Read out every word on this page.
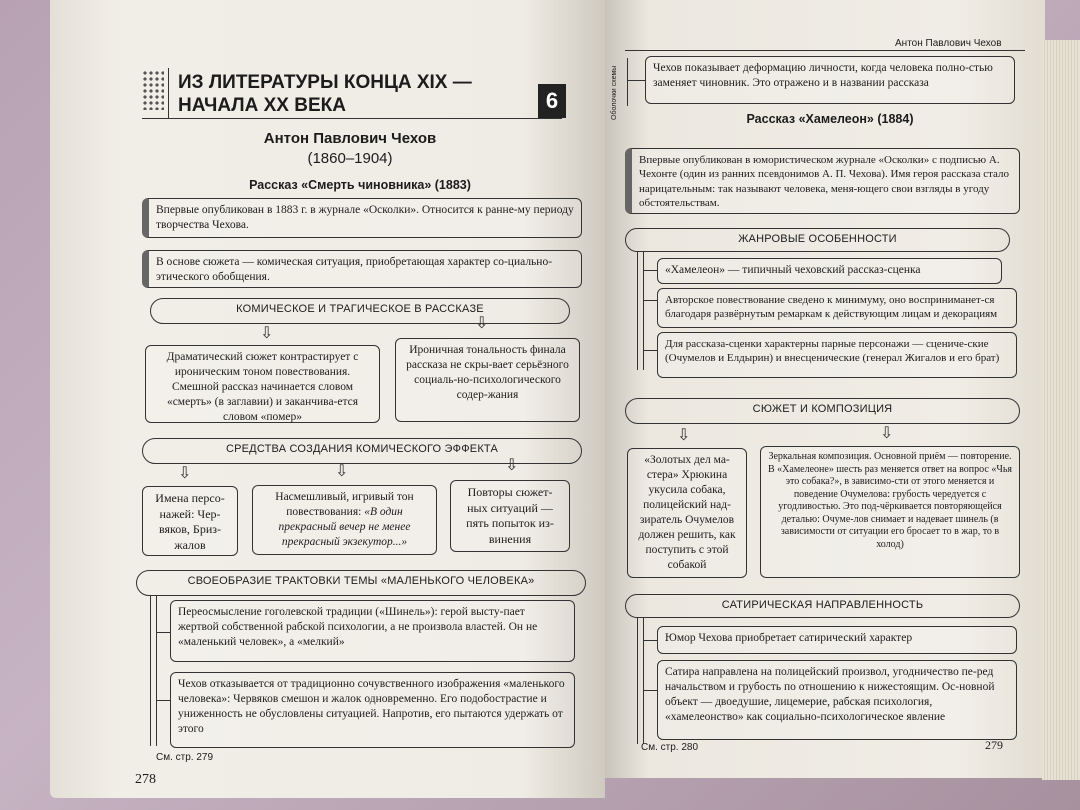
ИЗ ЛИТЕРАТУРЫ КОНЦА XIX —
НАЧАЛА XX ВЕКА	6
Антон Павлович Чехов
(1860–1904)
Рассказ «Смерть чиновника» (1883)
Впервые опубликован в 1883 г. в журнале «Осколки». Относится к ранне-му периоду творчества Чехова.
В основе сюжета — комическая ситуация, приобретающая характер со-циально-этического обобщения.
КОМИЧЕСКОЕ И ТРАГИЧЕСКОЕ В РАССКАЗЕ
⇩
⇩
Драматический сюжет контрастирует с ироническим тоном повествования. Смешной рассказ начинается словом «смерть» (в заглавии) и заканчива-ется словом «помер»
Ироничная тональность финала рассказа не скры-вает серьёзного социаль-но-психологического содер-жания
СРЕДСТВА СОЗДАНИЯ КОМИЧЕСКОГО ЭФФЕКТА
⇩	⇩	⇩
Имена персо-нажей: Чер-вяков, Бриз-жалов
Насмешливый, игривый тон повествования: «В один прекрасный вечер не менее прекрасный экзекутор...»
Повторы сюжет-ных ситуаций — пять попыток из-винения
СВОЕОБРАЗИЕ ТРАКТОВКИ ТЕМЫ «МАЛЕНЬКОГО ЧЕЛОВЕКА»
Переосмысление гоголевской традиции («Шинель»): герой высту-пает жертвой собственной рабской психологии, а не произвола властей. Он не «маленький человек», а «мелкий»
Чехов отказывается от традиционно сочувственного изображения «маленького человека»: Червяков смешон и жалок одновременно. Его подобострастие и униженность не обусловлены ситуацией. Напротив, его пытаются удержать от этого
См. стр. 279
278
Антон Павлович Чехов
Оболочки схемы	Чехов показывает деформацию личности, когда человека полно-стью заменяет чиновник. Это отражено и в названии рассказа
Рассказ «Хамелеон» (1884)
Впервые опубликован в юмористическом журнале «Осколки» с подписью А. Чехонте (один из ранних псевдонимов А. П. Чехова). Имя героя рассказа стало нарицательным: так называют человека, меня-ющего свои взгляды в угоду обстоятельствам.
ЖАНРОВЫЕ ОСОБЕННОСТИ
«Хамелеон» — типичный чеховский рассказ-сценка
Авторское повествование сведено к минимуму, оно восприниманет-ся благодаря развёрнутым ремаркам к действующим лицам и декорациям
Для рассказа-сценки характерны парные персонажи — сцениче-ские (Очумелов и Елдырин) и внесценические (генерал Жигалов и его брат)
СЮЖЕТ И КОМПОЗИЦИЯ
⇩	⇩
«Золотых дел ма-стера» Хрюкина укусила собака, полицейский над-зиратель Очумелов должен решить, как поступить с этой собакой
Зеркальная композиция. Основной приём — повторение. В «Хамелеоне» шесть раз меняется ответ на вопрос «Чья это собака?», в зависимо-сти от этого меняется и поведение Очумелова: грубость чередуется с угодливостью. Это под-чёркивается повторяющейся деталью: Очуме-лов снимает и надевает шинель (в зависимости от ситуации его бросает то в жар, то в холод)
САТИРИЧЕСКАЯ НАПРАВЛЕННОСТЬ
Юмор Чехова приобретает сатирический характер
Сатира направлена на полицейский произвол, угодничество пе-ред начальством и грубость по отношению к нижестоящим. Ос-новной объект — двоедушие, лицемерие, рабская психология, «хамелеонство» как социально-психологическое явление
См. стр. 280	279
